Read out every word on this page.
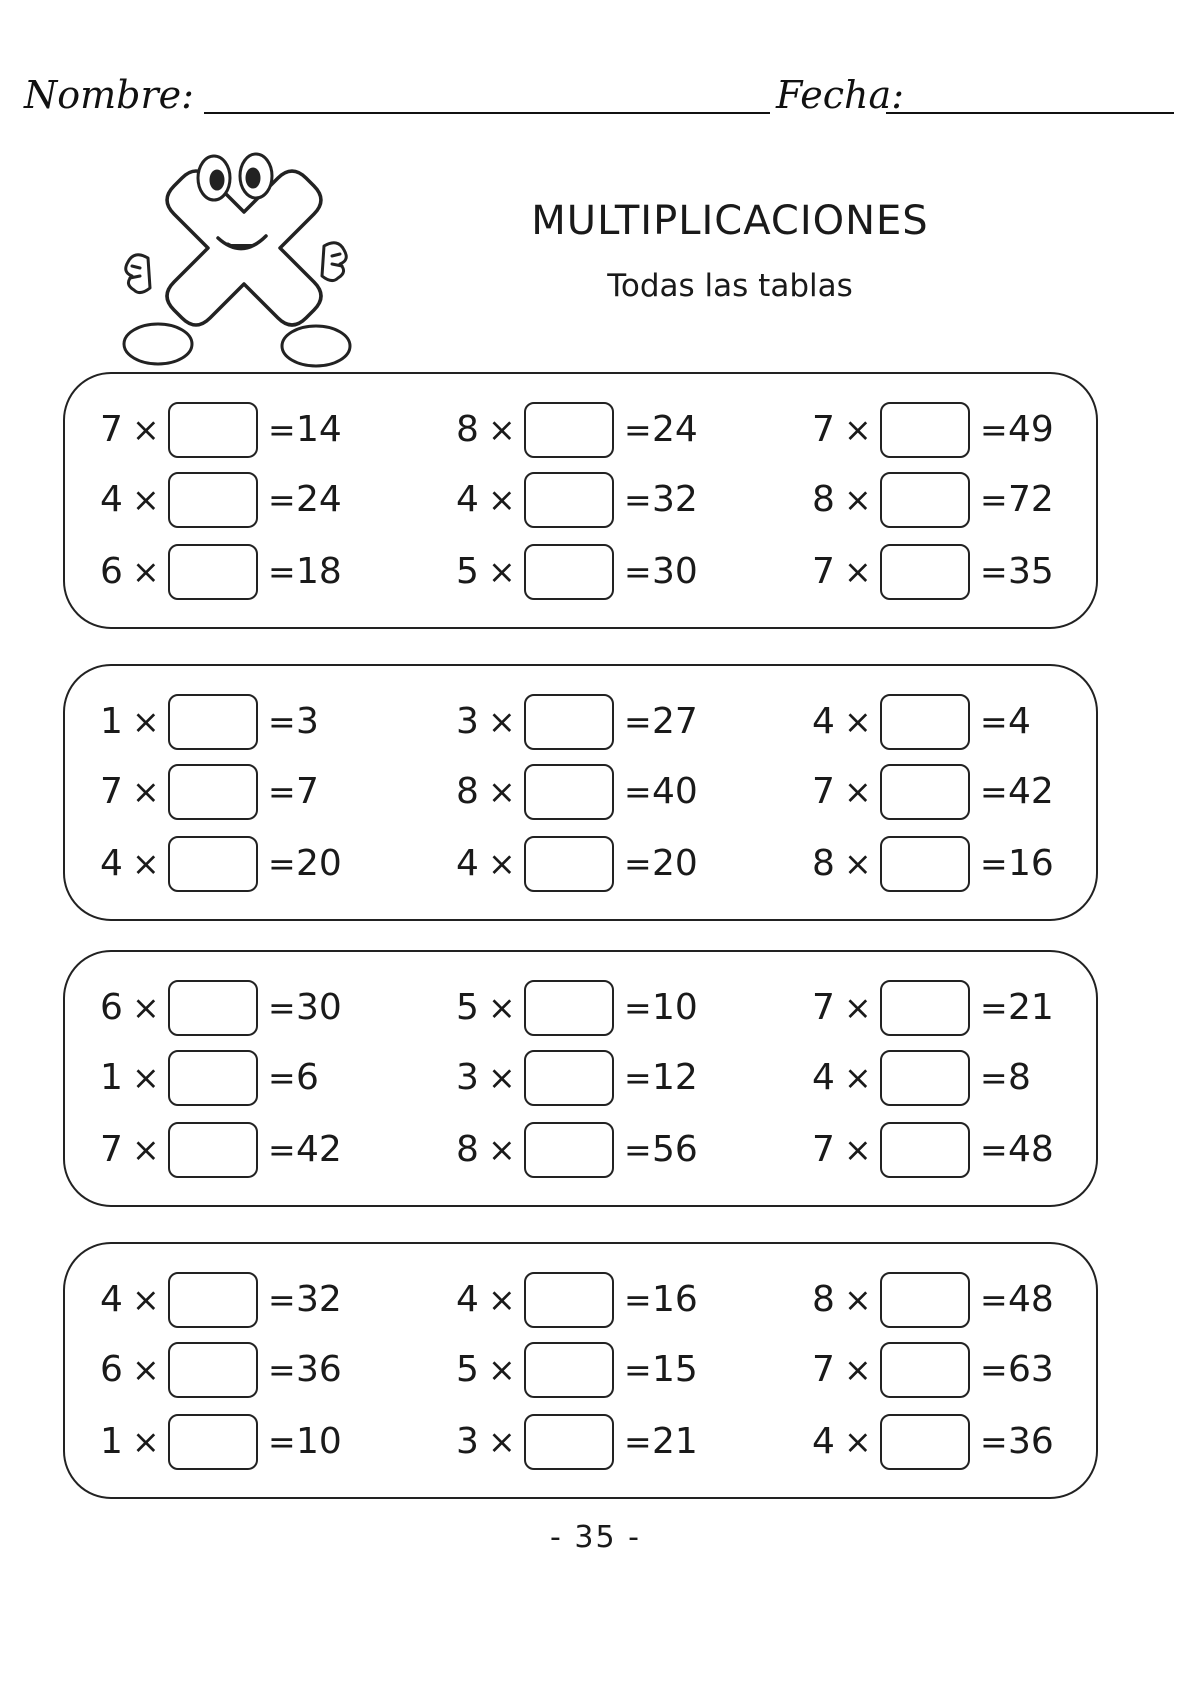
Nombre:	Fecha:
MULTIPLICACIONES
Todas las tablas
- 35 -
7 ×	= 14	8 ×	= 24	7 ×	= 49
4 ×	= 24	4 ×	= 32	8 ×	= 72
6 ×	= 18	5 ×	= 30	7 ×	= 35
1 ×	= 3	3 ×	= 27	4 ×	= 4
7 ×	= 7	8 ×	= 40	7 ×	= 42
4 ×	= 20	4 ×	= 20	8 ×	= 16
6 ×	= 30	5 ×	= 10	7 ×	= 21
1 ×	= 6	3 ×	= 12	4 ×	= 8
7 ×	= 42	8 ×	= 56	7 ×	= 48
4 ×	= 32	4 ×	= 16	8 ×	= 48
6 ×	= 36	5 ×	= 15	7 ×	= 63
1 ×	= 10	3 ×	= 21	4 ×	= 36
